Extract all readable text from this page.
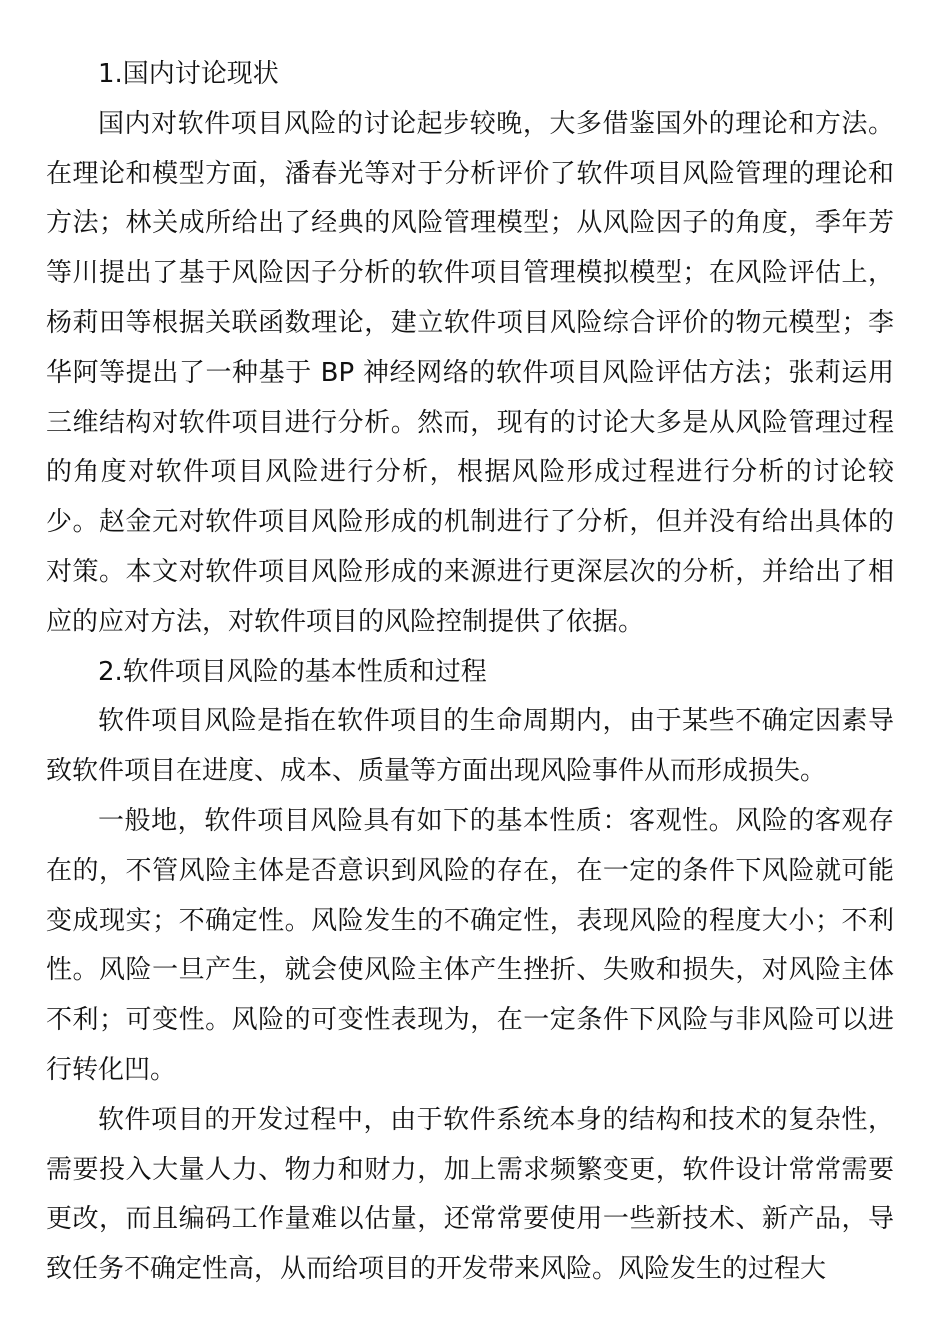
1.国内讨论现状

国内对软件项目风险的讨论起步较晚，大多借鉴国外的理论和方法。在理论和模型方面，潘春光等对于分析评价了软件项目风险管理的理论和方法；林关成所给出了经典的风险管理模型；从风险因子的角度，季年芳等川提出了基于风险因子分析的软件项目管理模拟模型；在风险评估上，杨莉田等根据关联函数理论，建立软件项目风险综合评价的物元模型；李华阿等提出了一种基于 BP 神经网络的软件项目风险评估方法；张莉运用三维结构对软件项目进行分析。然而，现有的讨论大多是从风险管理过程的角度对软件项目风险进行分析，根据风险形成过程进行分析的讨论较少。赵金元对软件项目风险形成的机制进行了分析，但并没有给出具体的对策。本文对软件项目风险形成的来源进行更深层次的分析，并给出了相应的应对方法，对软件项目的风险控制提供了依据。

2.软件项目风险的基本性质和过程

软件项目风险是指在软件项目的生命周期内，由于某些不确定因素导致软件项目在进度、成本、质量等方面出现风险事件从而形成损失。

一般地，软件项目风险具有如下的基本性质：客观性。风险的客观存在的，不管风险主体是否意识到风险的存在，在一定的条件下风险就可能变成现实；不确定性。风险发生的不确定性，表现风险的程度大小；不利性。风险一旦产生，就会使风险主体产生挫折、失败和损失，对风险主体不利；可变性。风险的可变性表现为，在一定条件下风险与非风险可以进行转化凹。

软件项目的开发过程中，由于软件系统本身的结构和技术的复杂性，需要投入大量人力、物力和财力，加上需求频繁变更，软件设计常常需要更改，而且编码工作量难以估量，还常常要使用一些新技术、新产品，导致任务不确定性高，从而给项目的开发带来风险。风险发生的过程大
